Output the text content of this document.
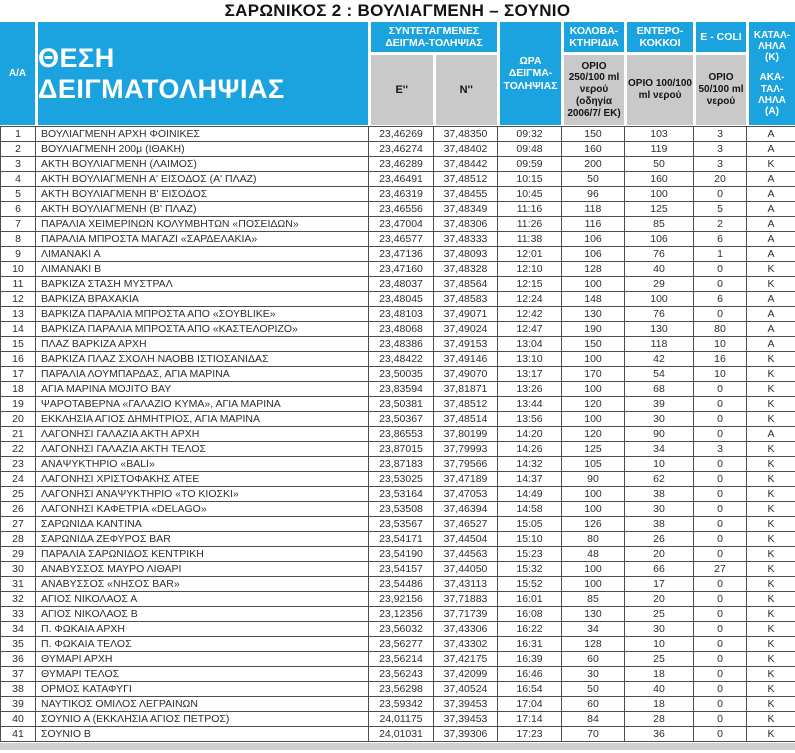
ΣΑΡΩΝΙΚΟΣ 2 : ΒΟΥΛΙΑΓΜΕΝΗ – ΣΟΥΝΙΟ
Α/Α
ΘΕΣΗ ΔΕΙΓΜΑΤΟΛΗΨΙΑΣ
ΣΥΝΤΕΤΑΓΜΕΝΕΣ ΔΕΙΓΜΑ-ΤΟΛΗΨΙΑΣ
Ε''	Ν''
ΩΡΑ ΔΕΙΓΜΑ-ΤΟΛΗΨΙΑΣ
ΚΟΛΟΒΑ-ΚΤΗΡΙΔΙΑ
ΟΡΙΟ 250/100 ml νερού (οδηγία 2006/7/ ΕΚ)
ΕΝΤΕΡΟ-ΚΟΚΚΟΙ
ΟΡΙΟ 100/100 ml νερού
Ε - COLI
ΟΡΙΟ 50/100 ml νερού
ΚΑΤΑΛ-ΛΗΛΑ (Κ)
ΑΚΑ-ΤΑΛ-ΛΗΛΑ (Α)
1	ΒΟΥΛΙΑΓΜΕΝΗ ΑΡΧΗ ΦΟΙΝΙΚΕΣ	23,46269	37,48350	09:32	150	103	3	Α
2	ΒΟΥΛΙΑΓΜΕΝΗ 200μ (ΙΘΑΚΗ)	23,46274	37,48402	09:48	160	119	3	Α
3	ΑΚΤΗ ΒΟΥΛΙΑΓΜΕΝΗ (ΛΑΙΜΟΣ)	23,46289	37,48442	09:59	200	50	3	Κ
4	ΑΚΤΗ ΒΟΥΛΙΑΓΜΕΝΗ Α' ΕΙΣΟΔΟΣ (Α' ΠΛΑΖ)	23,46491	37,48512	10:15	50	160	20	Α
5	ΑΚΤΗ ΒΟΥΛΙΑΓΜΕΝΗ Β' ΕΙΣΟΔΟΣ	23,46319	37,48455	10:45	96	100	0	Α
6	ΑΚΤΗ ΒΟΥΛΙΑΓΜΕΝΗ (Β' ΠΛΑΖ)	23,46556	37,48349	11:16	118	125	5	Α
7	ΠΑΡΑΛΙΑ ΧΕΙΜΕΡΙΝΩΝ ΚΟΛΥΜΒΗΤΩΝ «ΠΟΣΕΙΔΩΝ»	23,47004	37,48306	11:26	116	85	2	Α
8	ΠΑΡΑΛΙΑ ΜΠΡΟΣΤΑ ΜΑΓΑΖΙ «ΣΑΡΔΕΛΑΚΙΑ»	23,46577	37,48333	11:38	106	106	6	Α
9	ΛΙΜΑΝΑΚΙ Α	23,47136	37,48093	12:01	106	76	1	Α
10	ΛΙΜΑΝΑΚΙ Β	23,47160	37,48328	12:10	128	40	0	Κ
11	ΒΑΡΚΙΖΑ ΣΤΑΣΗ ΜΥΣΤΡΑΛ	23,48037	37,48564	12:15	100	29	0	Κ
12	ΒΑΡΚΙΖΑ ΒΡΑΧΑΚΙΑ	23,48045	37,48583	12:24	148	100	6	Α
13	ΒΑΡΚΙΖΑ ΠΑΡΑΛΙΑ ΜΠΡΟΣΤΑ ΑΠΟ «ΣΟΥΒLIKE»	23,48103	37,49071	12:42	130	76	0	Α
14	ΒΑΡΚΙΖΑ ΠΑΡΑΛΙΑ ΜΠΡΟΣΤΑ ΑΠΟ «ΚΑΣΤΕΛΟΡΙΖΟ»	23,48068	37,49024	12:47	190	130	80	Α
15	ΠΛΑΖ ΒΑΡΚΙΖΑ ΑΡΧΗ	23,48386	37,49153	13:04	150	118	10	Α
16	ΒΑΡΚΙΖΑ ΠΛΑΖ ΣΧΟΛΗ ΝΑΟΒΒ ΙΣΤΙΟΣΑΝΙΔΑΣ	23,48422	37,49146	13:10	100	42	16	Κ
17	ΠΑΡΑΛΙΑ ΛΟΥΜΠΑΡΔΑΣ, ΑΓΙΑ ΜΑΡΙΝΑ	23,50035	37,49070	13:17	170	54	10	Κ
18	ΑΓΙΑ ΜΑΡΙΝΑ MOJITO BAY	23,83594	37,81871	13:26	100	68	0	Κ
19	ΨΑΡΟΤΑΒΕΡΝΑ «ΓΑΛΑΖΙΟ ΚΥΜΑ», ΑΓΙΑ ΜΑΡΙΝΑ	23,50381	37,48512	13:44	120	39	0	Κ
20	ΕΚΚΛΗΣΙΑ ΑΓΙΟΣ ΔΗΜΗΤΡΙΟΣ, ΑΓΙΑ ΜΑΡΙΝΑ	23,50367	37,48514	13:56	100	30	0	Κ
21	ΛΑΓΟΝΗΣΙ ΓΑΛΑΖΙΑ ΑΚΤΗ ΑΡΧΗ	23,86553	37,80199	14:20	120	90	0	Α
22	ΛΑΓΟΝΗΣΙ ΓΑΛΑΖΙΑ ΑΚΤΗ ΤΕΛΟΣ	23,87015	37,79993	14:26	125	34	3	Κ
23	ΑΝΑΨΥΚΤΗΡΙΟ «BALI»	23,87183	37,79566	14:32	105	10	0	Κ
24	ΛΑΓΟΝΗΣΙ ΧΡΙΣΤΟΦΑΚΗΣ ΑΤΕΕ	23,53025	37,47189	14:37	90	62	0	Κ
25	ΛΑΓΟΝΗΣΙ ΑΝΑΨΥΚΤΗΡΙΟ «ΤΟ ΚΙΟΣΚΙ»	23,53164	37,47053	14:49	100	38	0	Κ
26	ΛΑΓΟΝΗΣΙ ΚΑΦΕΤΡΙΑ «DELAGO»	23,53508	37,46394	14:58	100	30	0	Κ
27	ΣΑΡΩΝΙΔΑ ΚΑΝΤΙΝΑ	23,53567	37,46527	15:05	126	38	0	Κ
28	ΣΑΡΩΝΙΔΑ ΖΕΦΥΡΟΣ BAR	23,54171	37,44504	15:10	80	26	0	Κ
29	ΠΑΡΑΛΙΑ ΣΑΡΩΝΙΔΟΣ ΚΕΝΤΡΙΚΗ	23,54190	37,44563	15:23	48	20	0	Κ
30	ΑΝΑΒΥΣΣΟΣ ΜΑΥΡΟ ΛΙΘΑΡΙ	23,54157	37,44050	15:32	100	66	27	Κ
31	ΑΝΑΒΥΣΣΟΣ «ΝΗΣΟΣ BAR»	23,54486	37,43113	15:52	100	17	0	Κ
32	ΑΓΙΟΣ ΝΙΚΟΛΑΟΣ Α	23,92156	37,71883	16:01	85	20	0	Κ
33	ΑΓΙΟΣ ΝΙΚΟΛΑΟΣ Β	23,12356	37,71739	16:08	130	25	0	Κ
34	Π. ΦΩΚΑΙΑ ΑΡΧΗ	23,56032	37,43306	16:22	34	30	0	Κ
35	Π. ΦΩΚΑΙΑ ΤΕΛΟΣ	23,56277	37,43302	16:31	128	10	0	Κ
36	ΘΥΜΑΡΙ ΑΡΧΗ	23,56214	37,42175	16:39	60	25	0	Κ
37	ΘΥΜΑΡΙ ΤΕΛΟΣ	23,56243	37,42099	16:46	30	18	0	Κ
38	ΟΡΜΟΣ ΚΑΤΑΦΥΓΙ	23,56298	37,40524	16:54	50	40	0	Κ
39	ΝΑΥΤΙΚΟΣ ΟΜΙΛΟΣ ΛΕΓΡΑΙΝΩΝ	23,59342	37,39453	17:04	60	18	0	Κ
40	ΣΟΥΝΙΟ Α (ΕΚΚΛΗΣΙΑ ΑΓΙΟΣ ΠΕΤΡΟΣ)	24,01175	37,39453	17:14	84	28	0	Κ
41	ΣΟΥΝΙΟ Β	24,01031	37,39306	17:23	70	36	0	Κ
